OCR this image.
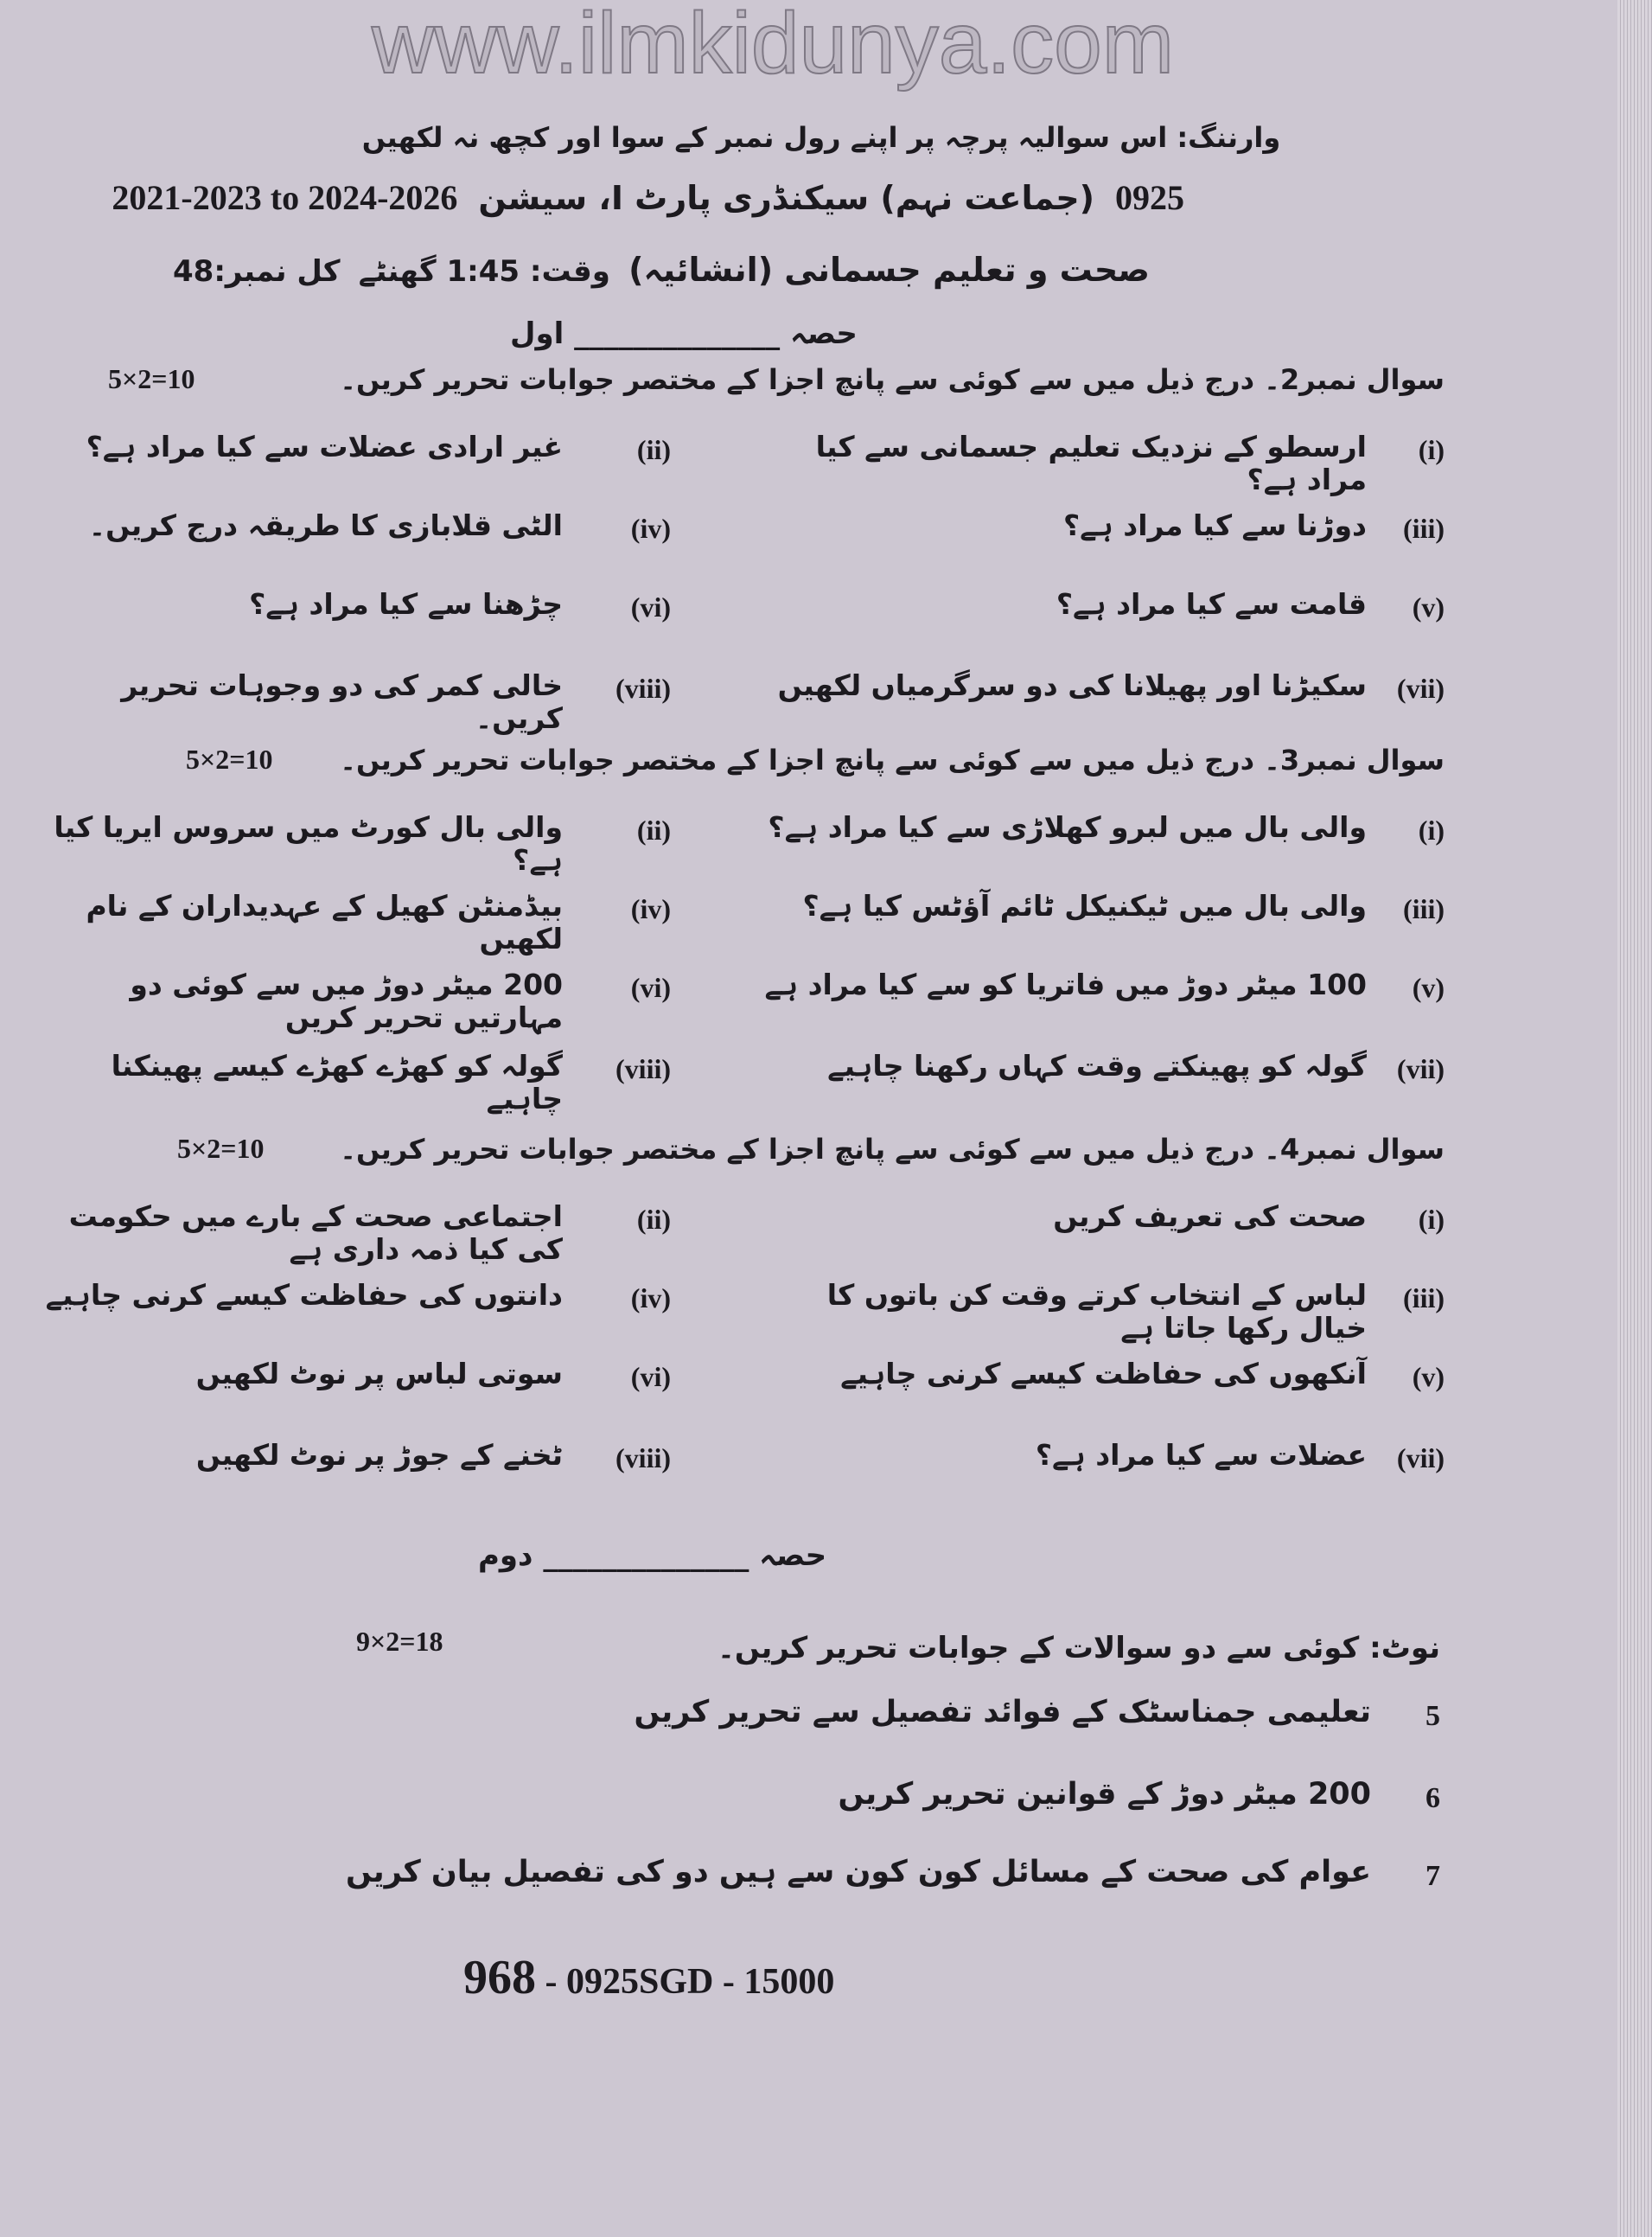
www.ilmkidunya.com
وارننگ: اس سوالیہ پرچہ پر اپنے رول نمبر کے سوا اور کچھ نہ لکھیں
0925
(جماعت نہم) سیکنڈری پارٹ I، سیشن
2021-2023 to 2024-2026
صحت و تعلیم جسمانی (انشائیہ)
وقت: 1:45 گھنٹے
کل نمبر:48
حصہ ______________ اول
حصہ ______________ دوم
سوال نمبر2۔ درج ذیل میں سے کوئی سے پانچ اجزا کے مختصر جوابات تحریر کریں۔
5×2=10
(i)
ارسطو کے نزدیک تعلیم جسمانی سے کیا مراد ہے؟
(ii)
غیر ارادی عضلات سے کیا مراد ہے؟
(iii)
دوڑنا سے کیا مراد ہے؟
(iv)
الٹی قلابازی کا طریقہ درج کریں۔
(v)
قامت سے کیا مراد ہے؟
(vi)
چڑھنا سے کیا مراد ہے؟
(vii)
سکیڑنا اور پھیلانا کی دو سرگرمیاں لکھیں
(viii)
خالی کمر کی دو وجوہات تحریر کریں۔
سوال نمبر3۔ درج ذیل میں سے کوئی سے پانچ اجزا کے مختصر جوابات تحریر کریں۔
5×2=10
(i)
والی بال میں لبرو کھلاڑی سے کیا مراد ہے؟
(ii)
والی بال کورٹ میں سروس ایریا کیا ہے؟
(iii)
والی بال میں ٹیکنیکل ٹائم آؤٹس کیا ہے؟
(iv)
بیڈمنٹن کھیل کے عہدیداران کے نام لکھیں
(v)
100 میٹر دوڑ میں فاتریا کو سے کیا مراد ہے
(vi)
200 میٹر دوڑ میں سے کوئی دو مہارتیں تحریر کریں
(vii)
گولہ کو پھینکتے وقت کہاں رکھنا چاہیے
(viii)
گولہ کو کھڑے کھڑے کیسے پھینکنا چاہیے
سوال نمبر4۔ درج ذیل میں سے کوئی سے پانچ اجزا کے مختصر جوابات تحریر کریں۔
5×2=10
(i)
صحت کی تعریف کریں
(ii)
اجتماعی صحت کے بارے میں حکومت کی کیا ذمہ داری ہے
(iii)
لباس کے انتخاب کرتے وقت کن باتوں کا خیال رکھا جاتا ہے
(iv)
دانتوں کی حفاظت کیسے کرنی چاہیے
(v)
آنکھوں کی حفاظت کیسے کرنی چاہیے
(vi)
سوتی لباس پر نوٹ لکھیں
(vii)
عضلات سے کیا مراد ہے؟
(viii)
ٹخنے کے جوڑ پر نوٹ لکھیں
نوٹ: کوئی سے دو سوالات کے جوابات تحریر کریں۔
9×2=18
5
تعلیمی جمناسٹک کے فوائد تفصیل سے تحریر کریں
6
200 میٹر دوڑ کے قوانین تحریر کریں
7
عوام کی صحت کے مسائل کون کون سے ہیں دو کی تفصیل بیان کریں
968 - 0925SGD - 15000
